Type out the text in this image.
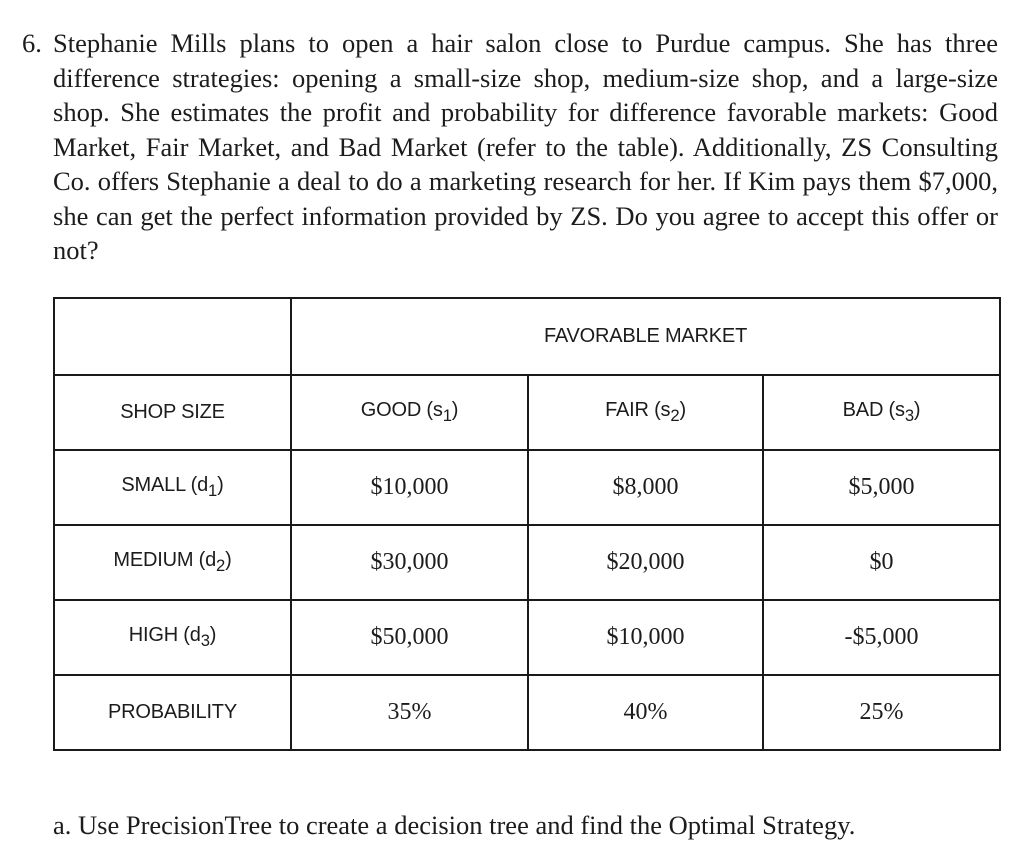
6. Stephanie Mills plans to open a hair salon close to Purdue campus. She has three difference strategies: opening a small-size shop, medium-size shop, and a large-size shop. She estimates the profit and probability for difference favorable markets: Good Market, Fair Market, and Bad Market (refer to the table). Additionally, ZS Consulting Co. offers Stephanie a deal to do a marketing research for her. If Kim pays them $7,000, she can get the perfect information provided by ZS. Do you agree to accept this offer or not?
	FAVORABLE MARKET		
SHOP SIZE	GOOD $(s_1)$	FAIR $(s_2)$	BAD $(s_3)$
SMALL $(d_1)$	$10,000	$8,000	$5,000
MEDIUM $(d_2)$	$30,000	$20,000	$0
HIGH $(d_3)$	$50,000	$10,000	-$5,000
PROBABILITY	35%	40%	25%
a. Use PrecisionTree to create a decision tree and find the Optimal Strategy.
